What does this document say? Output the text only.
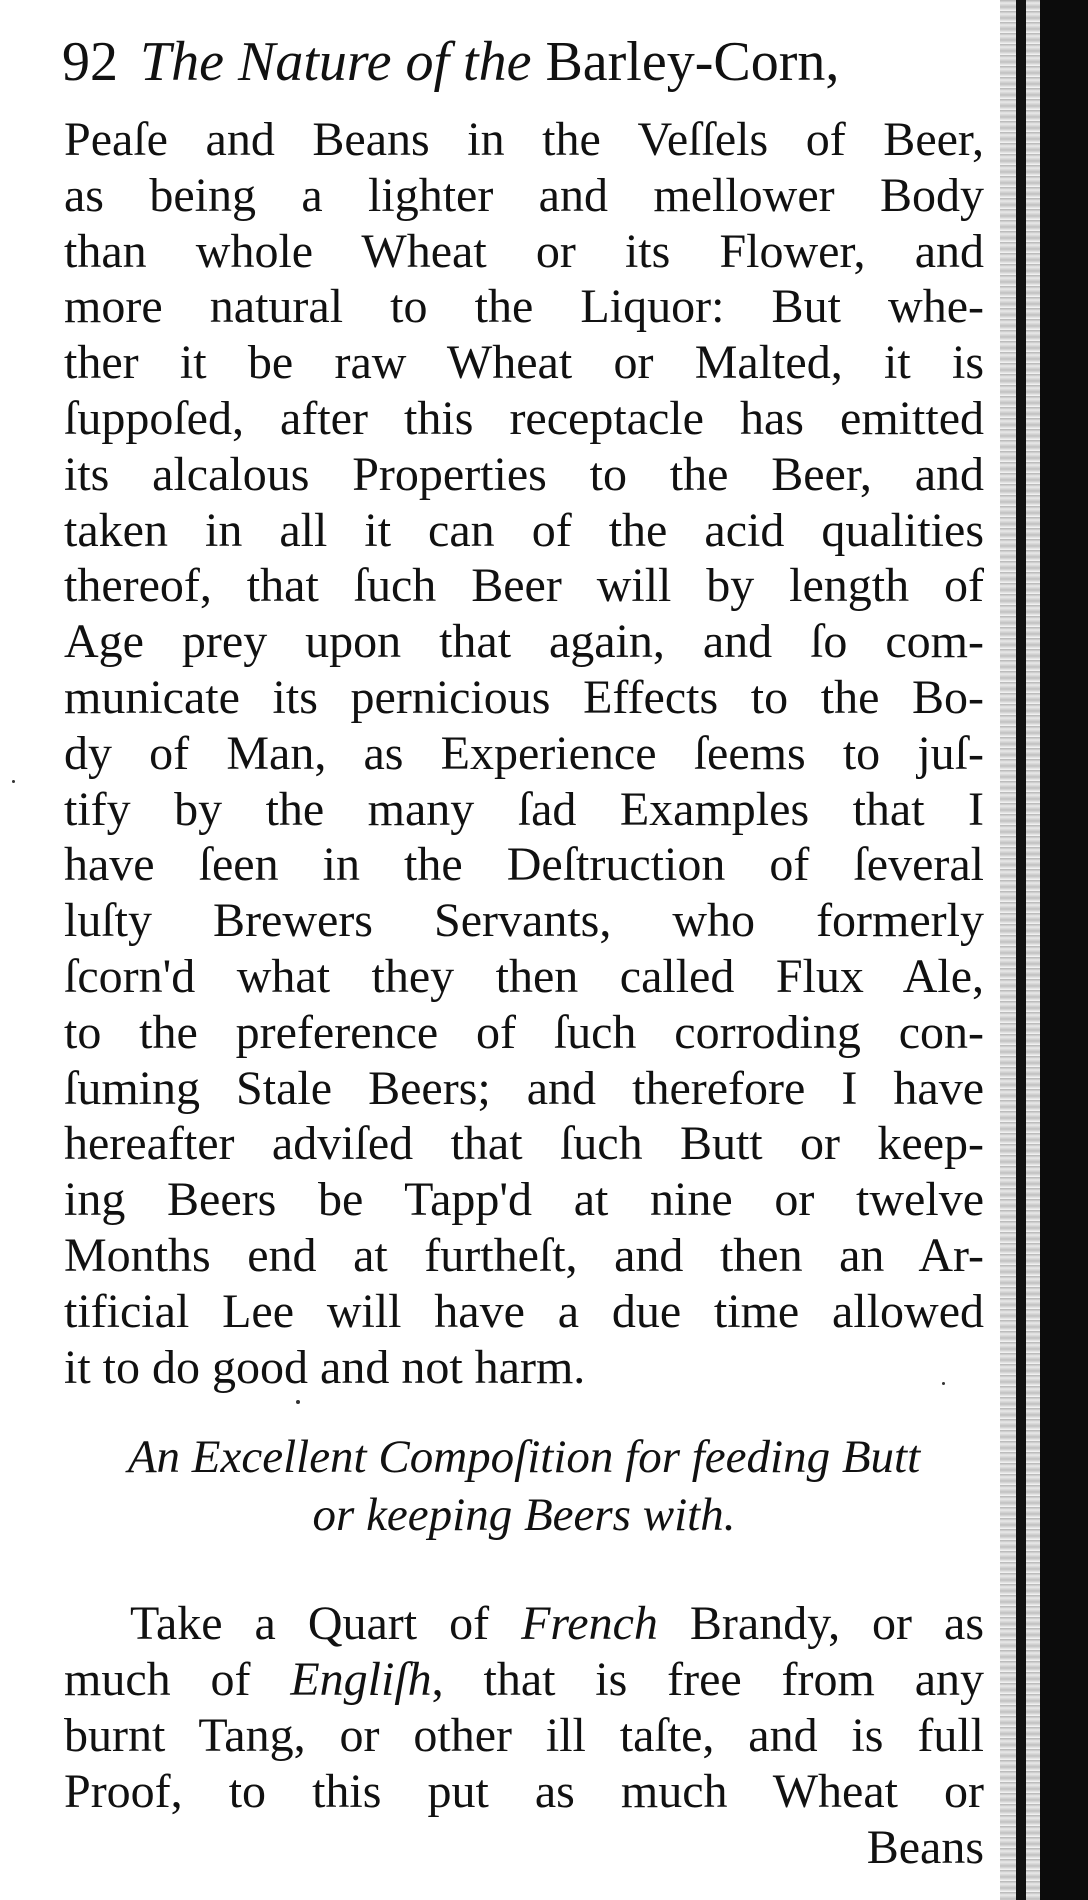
92 The Nature of the Barley-Corn,
Peaſe and Beans in the Veſſels of Beer,
as being a lighter and mellower Body
than whole Wheat or its Flower, and
more natural to the Liquor: But whe-
ther it be raw Wheat or Malted, it is
ſuppoſed, after this receptacle has emitted
its alcalous Properties to the Beer, and
taken in all it can of the acid qualities
thereof, that ſuch Beer will by length of
Age prey upon that again, and ſo com-
municate its pernicious Effects to the Bo-
dy of Man, as Experience ſeems to juſ-
tify by the many ſad Examples that I
have ſeen in the Deſtruction of ſeveral
luſty Brewers Servants, who formerly
ſcorn'd what they then called Flux Ale,
to the preference of ſuch corroding con-
ſuming Stale Beers; and therefore I have
hereafter adviſed that ſuch Butt or keep-
ing Beers be Tapp'd at nine or twelve
Months end at furtheſt, and then an Ar-
tificial Lee will have a due time allowed
it to do good and not harm.
An Excellent Compoſition for feeding Butt
or keeping Beers with.
Take a Quart of French Brandy, or as
much of Engliſh, that is free from any
burnt Tang, or other ill taſte, and is full
Proof, to this put as much Wheat or
Beans
